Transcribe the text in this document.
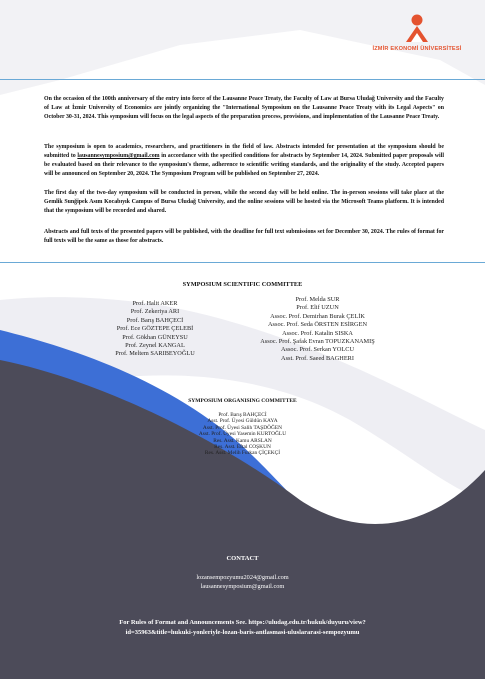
İZMİR EKONOMİ ÜNİVERSİTESİ

On the occasion of the 100th anniversary of the entry into force of the Lausanne Peace Treaty, the Faculty of Law at Bursa Uludağ University and the Faculty of Law at İzmir University of Economics are jointly organizing the "International Symposium on the Lausanne Peace Treaty with its Legal Aspects" on October 30-31, 2024. This symposium will focus on the legal aspects of the preparation process, provisions, and implementation of the Lausanne Peace Treaty.

The symposium is open to academics, researchers, and practitioners in the field of law. Abstracts intended for presentation at the symposium should be submitted to lausannesymposium@gmail.com in accordance with the specified conditions for abstracts by September 14, 2024. Submitted paper proposals will be evaluated based on their relevance to the symposium's theme, adherence to scientific writing standards, and the originality of the study. Accepted papers will be announced on September 20, 2024. The Symposium Program will be published on September 27, 2024.

The first day of the two-day symposium will be conducted in person, while the second day will be held online. The in-person sessions will take place at the Gemlik Sunğipek Asım Kocabıyık Campus of Bursa Uludağ University, and the online sessions will be hosted via the Microsoft Teams platform. It is intended that the symposium will be recorded and shared.

Abstracts and full texts of the presented papers will be published, with the deadline for full text submissions set for December 30, 2024. The rules of format for full texts will be the same as those for abstracts.

SYMPOSIUM SCIENTIFIC COMMITTEE
Prof. Halit AKER
Prof. Zekeriya ARI
Prof. Barış BAHÇECİ
Prof. Ece GÖZTEPE ÇELEBİ
Prof. Gökhan GÜNEYSU
Prof. Zeynel KANGAL
Prof. Meltem SARIBEYOĞLU
Prof. Melda SUR
Prof. Elif UZUN
Assoc. Prof. Demirhan Burak ÇELİK
Assoc. Prof. Seda ÖRSTEN ESİRGEN
Assoc. Prof. Katalin SISKA
Assoc. Prof. Şafak Evran TOPUZKANAMIŞ
Assoc. Prof. Serkan YOLCU
Asst. Prof. Saeed BAGHERI
SYMPOSIUM ORGANISING COMMITTEE
Prof. Barış BAHÇECİ
Asst. Prof. Üyesi Güldün KAYA
Asst. Prof. Üyesi Salih TAŞDÖĞEN
Asst. Prof. Üyesi Yasemin KURTOĞLU
Res. Asst. Kamu ARSLAN
Res. Asst. Eftal COŞKUN
Res. Asst. Melih Furkan ÇİÇEKÇİ
CONTACT
lozansempozyumu2024@gmail.com
lausannesymposium@gmail.com
For Rules of Format and Announcements See. https://uludag.edu.tr/hukuk/duyuru/view?
id=35963&title=hukuki-yonleriyle-lozan-baris-antlasmasi-uluslararasi-sempozyumu
